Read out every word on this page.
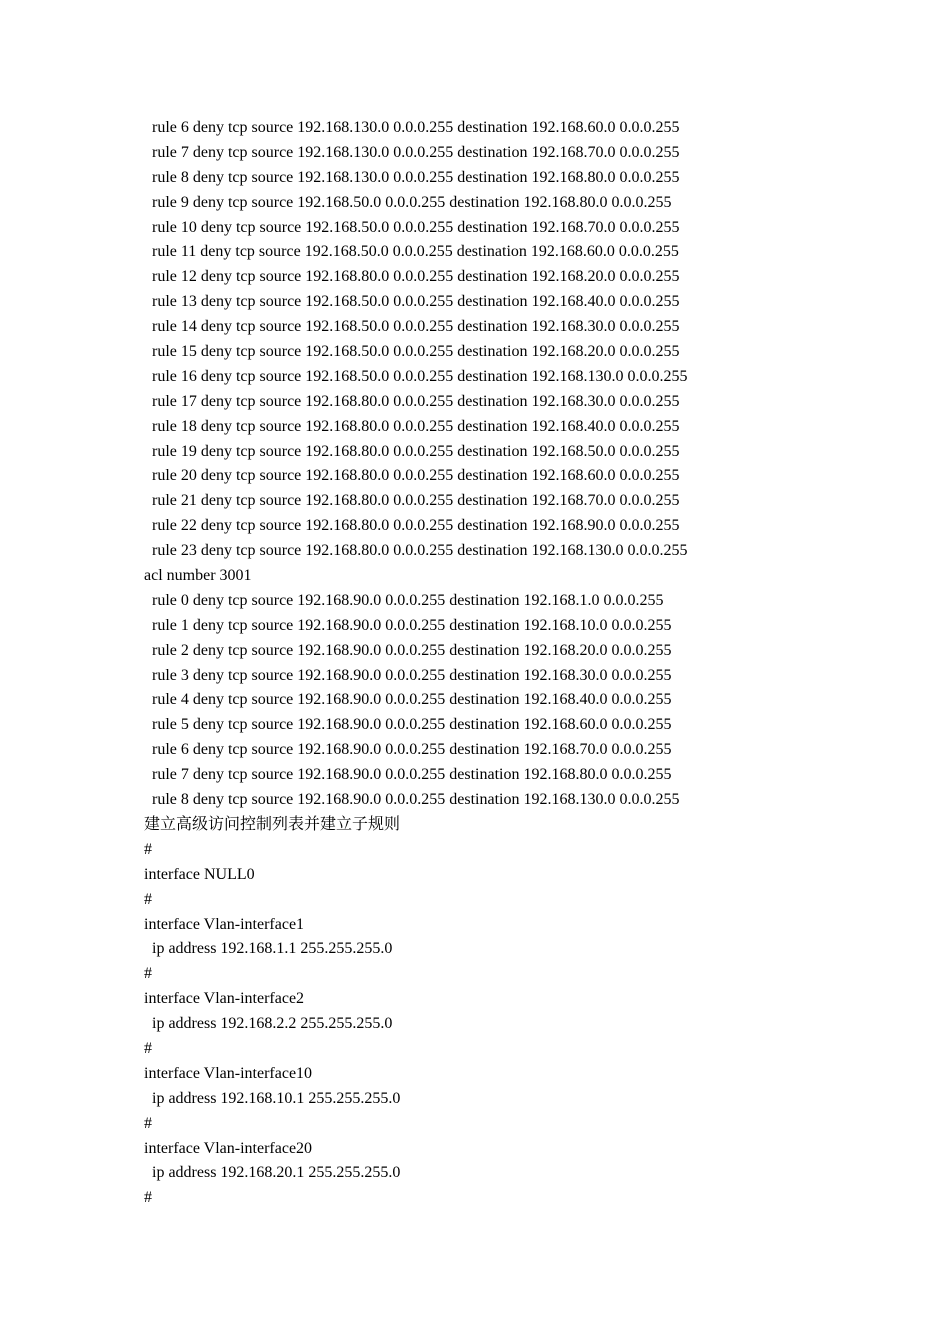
rule 6 deny tcp source 192.168.130.0 0.0.0.255 destination 192.168.60.0 0.0.0.255
rule 7 deny tcp source 192.168.130.0 0.0.0.255 destination 192.168.70.0 0.0.0.255
rule 8 deny tcp source 192.168.130.0 0.0.0.255 destination 192.168.80.0 0.0.0.255
rule 9 deny tcp source 192.168.50.0 0.0.0.255 destination 192.168.80.0 0.0.0.255
rule 10 deny tcp source 192.168.50.0 0.0.0.255 destination 192.168.70.0 0.0.0.255
rule 11 deny tcp source 192.168.50.0 0.0.0.255 destination 192.168.60.0 0.0.0.255
rule 12 deny tcp source 192.168.80.0 0.0.0.255 destination 192.168.20.0 0.0.0.255
rule 13 deny tcp source 192.168.50.0 0.0.0.255 destination 192.168.40.0 0.0.0.255
rule 14 deny tcp source 192.168.50.0 0.0.0.255 destination 192.168.30.0 0.0.0.255
rule 15 deny tcp source 192.168.50.0 0.0.0.255 destination 192.168.20.0 0.0.0.255
rule 16 deny tcp source 192.168.50.0 0.0.0.255 destination 192.168.130.0 0.0.0.255
rule 17 deny tcp source 192.168.80.0 0.0.0.255 destination 192.168.30.0 0.0.0.255
rule 18 deny tcp source 192.168.80.0 0.0.0.255 destination 192.168.40.0 0.0.0.255
rule 19 deny tcp source 192.168.80.0 0.0.0.255 destination 192.168.50.0 0.0.0.255
rule 20 deny tcp source 192.168.80.0 0.0.0.255 destination 192.168.60.0 0.0.0.255
rule 21 deny tcp source 192.168.80.0 0.0.0.255 destination 192.168.70.0 0.0.0.255
rule 22 deny tcp source 192.168.80.0 0.0.0.255 destination 192.168.90.0 0.0.0.255
rule 23 deny tcp source 192.168.80.0 0.0.0.255 destination 192.168.130.0 0.0.0.255
acl number 3001
rule 0 deny tcp source 192.168.90.0 0.0.0.255 destination 192.168.1.0 0.0.0.255
rule 1 deny tcp source 192.168.90.0 0.0.0.255 destination 192.168.10.0 0.0.0.255
rule 2 deny tcp source 192.168.90.0 0.0.0.255 destination 192.168.20.0 0.0.0.255
rule 3 deny tcp source 192.168.90.0 0.0.0.255 destination 192.168.30.0 0.0.0.255
rule 4 deny tcp source 192.168.90.0 0.0.0.255 destination 192.168.40.0 0.0.0.255
rule 5 deny tcp source 192.168.90.0 0.0.0.255 destination 192.168.60.0 0.0.0.255
rule 6 deny tcp source 192.168.90.0 0.0.0.255 destination 192.168.70.0 0.0.0.255
rule 7 deny tcp source 192.168.90.0 0.0.0.255 destination 192.168.80.0 0.0.0.255
rule 8 deny tcp source 192.168.90.0 0.0.0.255 destination 192.168.130.0 0.0.0.255
建立高级访问控制列表并建立子规则
#
interface NULL0
#
interface Vlan-interface1
ip address 192.168.1.1 255.255.255.0
#
interface Vlan-interface2
ip address 192.168.2.2 255.255.255.0
#
interface Vlan-interface10
ip address 192.168.10.1 255.255.255.0
#
interface Vlan-interface20
ip address 192.168.20.1 255.255.255.0
#
